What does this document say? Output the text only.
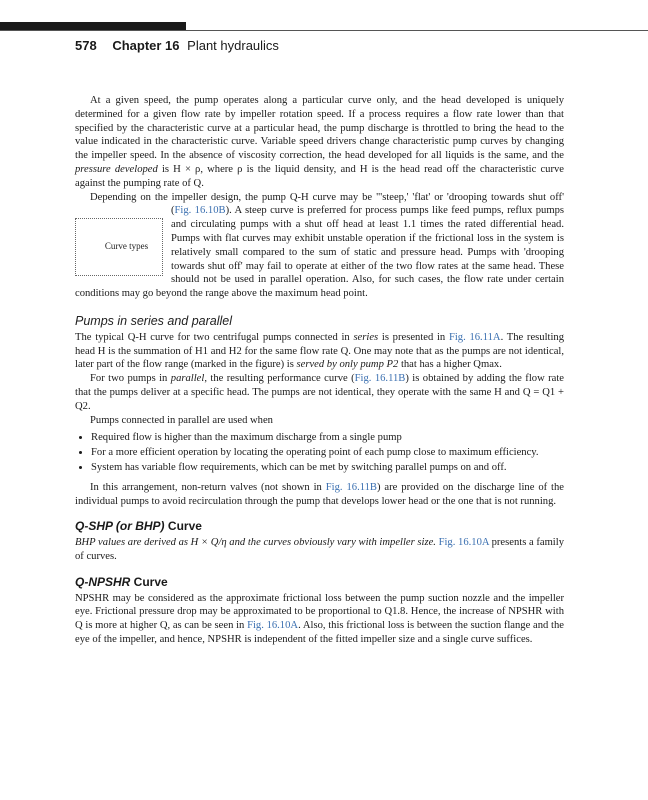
578 Chapter 16 Plant hydraulics

At a given speed, the pump operates along a particular curve only, and the head developed is uniquely determined for a given flow rate by impeller rotation speed. If a process requires a flow rate lower than that specified by the characteristic curve at a particular head, the pump discharge is throttled to bring the head to the value indicated in the characteristic curve. Variable speed drivers change characteristic pump curves by changing the impeller speed. In the absence of viscosity correction, the head developed for all liquids is the same, and the pressure developed is H × ρ, where ρ is the liquid density, and H is the head read off the characteristic curve against the pumping rate of Q.

Depending on the impeller design, the pump Q-H curve may be "'steep,' 'flat' or 'drooping towards shut off' (
Curve types
Fig. 16.10B). A steep curve is preferred for process pumps like feed pumps, reflux pumps and circulating pumps with a shut off head at least 1.1 times the rated differential head. Pumps with flat curves may exhibit unstable operation if the frictional loss in the system is relatively small compared to the sum of static and pressure head. Pumps with 'drooping towards shut off' may fail to operate at either of the two flow rates at the same head. These should not be used in parallel operation. Also, for such cases, the flow rate under certain conditions may go beyond the range above the maximum head point.

Pumps in series and parallel

The typical Q-H curve for two centrifugal pumps connected in series is presented in Fig. 16.11A. The resulting head H is the summation of H1 and H2 for the same flow rate Q. One may note that as the pumps are not identical, later part of the flow range (marked in the figure) is served by only pump P2 that has a higher Qmax.

For two pumps in parallel, the resulting performance curve (Fig. 16.11B) is obtained by adding the flow rate that the pumps deliver at a specific head. The pumps are not identical, they operate with the same H and Q = Q1 + Q2.

Pumps connected in parallel are used when

• Required flow is higher than the maximum discharge from a single pump
• For a more efficient operation by locating the operating point of each pump close to maximum efficiency.
• System has variable flow requirements, which can be met by switching parallel pumps on and off.

In this arrangement, non-return valves (not shown in Fig. 16.11B) are provided on the discharge line of the individual pumps to avoid recirculation through the pump that develops lower head or the one that is not running.

Q-SHP (or BHP) Curve

BHP values are derived as H × Q/η and the curves obviously vary with impeller size. Fig. 16.10A presents a family of curves.

Q-NPSHR Curve

NPSHR may be considered as the approximate frictional loss between the pump suction nozzle and the impeller eye. Frictional pressure drop may be approximated to be proportional to Q1.8. Hence, the increase of NPSHR with Q is more at higher Q, as can be seen in Fig. 16.10A. Also, this frictional loss is between the suction flange and the eye of the impeller, and hence, NPSHR is independent of the fitted impeller size and a single curve suffices.
